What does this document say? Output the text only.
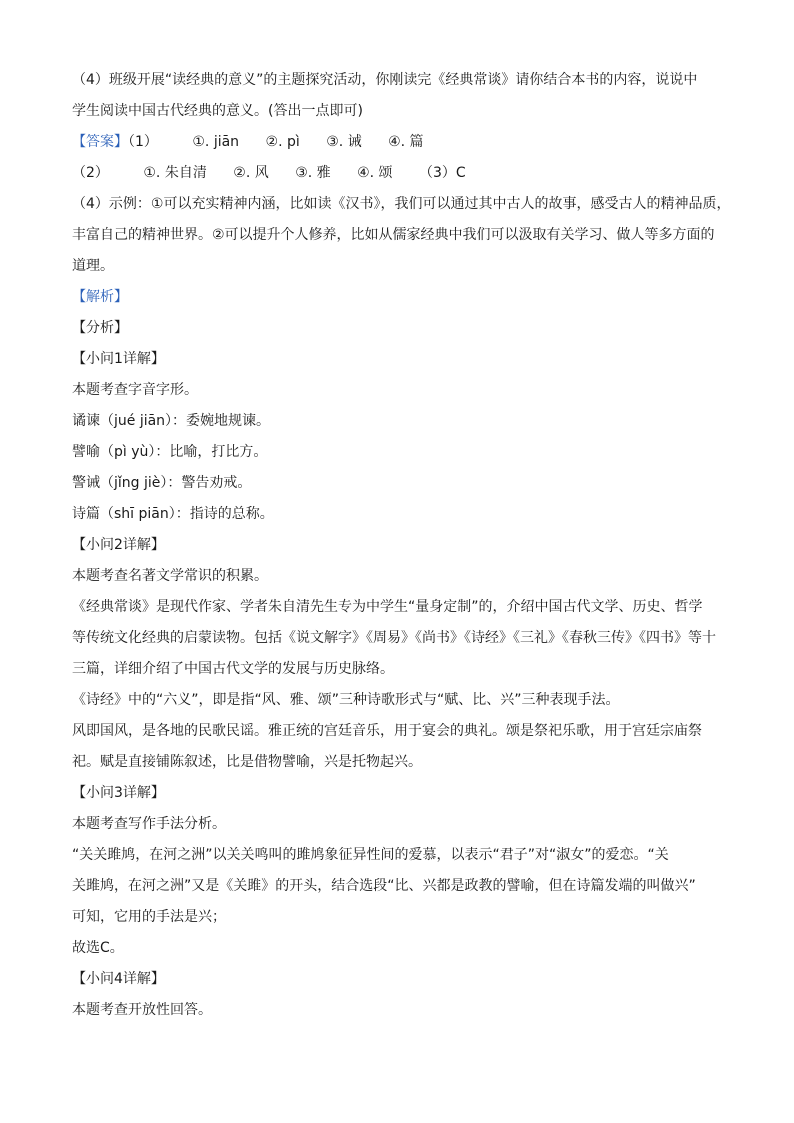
（4）班级开展“读经典的意义”的主题探究活动，你刚读完《经典常谈》请你结合本书的内容，说说中
学生阅读中国古代经典的意义。(答出一点即可)
【答案】（1） ①. jiān ②. pì ③. 诫 ④. 篇
（2） ①. 朱自清 ②. 风 ③. 雅 ④. 颂 （3）C
（4）示例：①可以充实精神内涵，比如读《汉书》，我们可以通过其中古人的故事，感受古人的精神品质，
丰富自己的精神世界。②可以提升个人修养，比如从儒家经典中我们可以汲取有关学习、做人等多方面的
道理。
【解析】
【分析】
【小问1详解】
本题考查字音字形。
谲谏（jué jiān）：委婉地规谏。
譬喻（pì yù）：比喻，打比方。
警诫（jǐng jiè）：警告劝戒。
诗篇（shī piān）：指诗的总称。
【小问2详解】
本题考查名著文学常识的积累。
《经典常谈》是现代作家、学者朱自清先生专为中学生“量身定制”的，介绍中国古代文学、历史、哲学
等传统文化经典的启蒙读物。包括《说文解字》《周易》《尚书》《诗经》《三礼》《春秋三传》《四书》等十
三篇，详细介绍了中国古代文学的发展与历史脉络。
《诗经》中的“六义”，即是指“风、雅、颂”三种诗歌形式与“赋、比、兴”三种表现手法。
风即国风，是各地的民歌民谣。雅正统的宫廷音乐，用于宴会的典礼。颂是祭祀乐歌，用于宫廷宗庙祭
祀。赋是直接铺陈叙述，比是借物譬喻，兴是托物起兴。
【小问3详解】
本题考查写作手法分析。
“关关雎鸠，在河之洲”以关关鸣叫的雎鸠象征异性间的爱慕，以表示“君子”对“淑女”的爱恋。“关
关雎鸠，在河之洲”又是《关雎》的开头，结合选段“比、兴都是政教的譬喻，但在诗篇发端的叫做兴”
可知，它用的手法是兴；
故选C。
【小问4详解】
本题考查开放性回答。
